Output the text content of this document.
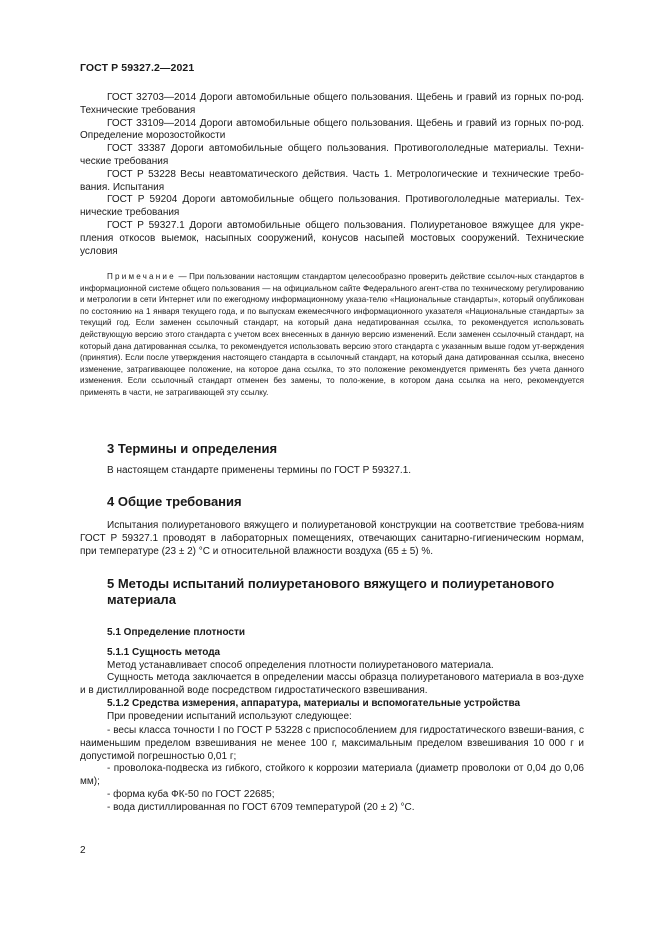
ГОСТ Р 59327.2—2021

ГОСТ 32703—2014 Дороги автомобильные общего пользования. Щебень и гравий из горных по-род. Технические требования

ГОСТ 33109—2014 Дороги автомобильные общего пользования. Щебень и гравий из горных по-род. Определение морозостойкости

ГОСТ 33387 Дороги автомобильные общего пользования. Противогололедные материалы. Техни-ческие требования

ГОСТ Р 53228 Весы неавтоматического действия. Часть 1. Метрологические и технические требо-вания. Испытания

ГОСТ Р 59204 Дороги автомобильные общего пользования. Противогололедные материалы. Тех-нические требования

ГОСТ Р 59327.1 Дороги автомобильные общего пользования. Полиуретановое вяжущее для укре-пления откосов выемок, насыпных сооружений, конусов насыпей мостовых сооружений. Технические условия

Примечание — При пользовании настоящим стандартом целесообразно проверить действие ссылоч-ных стандартов в информационной системе общего пользования — на официальном сайте Федерального агент-ства по техническому регулированию и метрологии в сети Интернет или по ежегодному информационному указа-телю «Национальные стандарты», который опубликован по состоянию на 1 января текущего года, и по выпускам ежемесячного информационного указателя «Национальные стандарты» за текущий год. Если заменен ссылочный стандарт, на который дана недатированная ссылка, то рекомендуется использовать действующую версию этого стандарта с учетом всех внесенных в данную версию изменений. Если заменен ссылочный стандарт, на который дана датированная ссылка, то рекомендуется использовать версию этого стандарта с указанным выше годом ут-верждения (принятия). Если после утверждения настоящего стандарта в ссылочный стандарт, на который дана датированная ссылка, внесено изменение, затрагивающее положение, на которое дана ссылка, то это положение рекомендуется применять без учета данного изменения. Если ссылочный стандарт отменен без замены, то поло-жение, в котором дана ссылка на него, рекомендуется применять в части, не затрагивающей эту ссылку.

3 Термины и определения

В настоящем стандарте применены термины по ГОСТ Р 59327.1.

4 Общие требования

Испытания полиуретанового вяжущего и полиуретановой конструкции на соответствие требова-ниям ГОСТ Р 59327.1 проводят в лабораторных помещениях, отвечающих санитарно-гигиеническим нормам, при температуре (23 ± 2) °С и относительной влажности воздуха (65 ± 5) %.

5 Методы испытаний полиуретанового вяжущего и полиуретанового материала

5.1 Определение плотности

5.1.1 Сущность метода

Метод устанавливает способ определения плотности полиуретанового материала.

Сущность метода заключается в определении массы образца полиуретанового материала в воз-духе и в дистиллированной воде посредством гидростатического взвешивания.

5.1.2 Средства измерения, аппаратура, материалы и вспомогательные устройства

При проведении испытаний используют следующее:

- весы класса точности I по ГОСТ Р 53228 с приспособлением для гидростатического взвеши-вания, с наименьшим пределом взвешивания не менее 100 г, максимальным пределом взвешивания 10 000 г и допустимой погрешностью 0,01 г;

- проволока-подвеска из гибкого, стойкого к коррозии материала (диаметр проволоки от 0,04 до 0,06 мм);

- форма куба ФК-50 по ГОСТ 22685;

- вода дистиллированная по ГОСТ 6709 температурой (20 ± 2) °С.

2
